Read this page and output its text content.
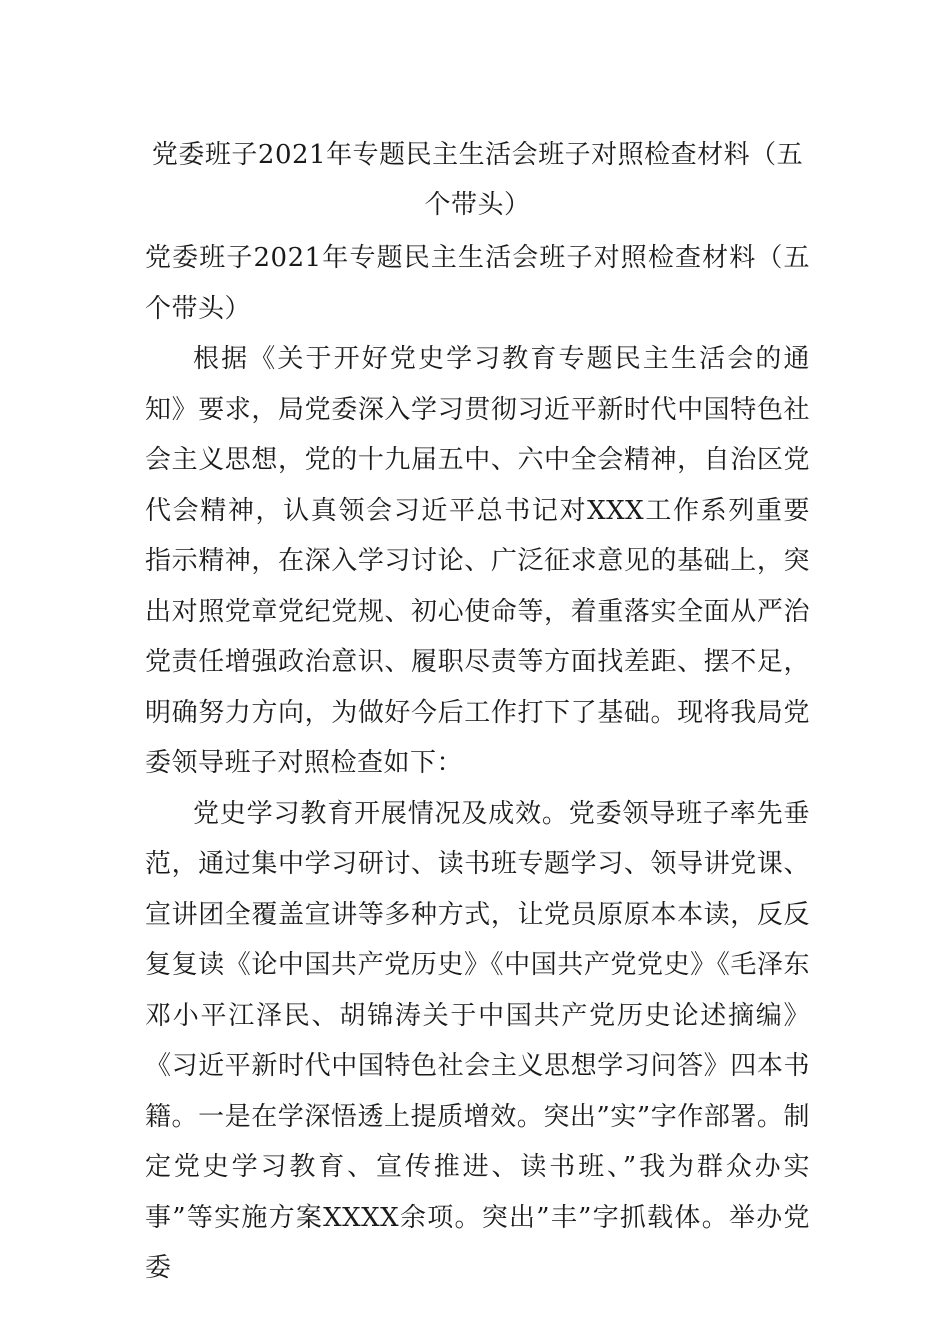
党委班子2021年专题民主生活会班子对照检查材料（五个带头）

党委班子2021年专题民主生活会班子对照检查材料（五个带头）

根据《关于开好党史学习教育专题民主生活会的通知》要求，局党委深入学习贯彻习近平新时代中国特色社会主义思想，党的十九届五中、六中全会精神，自治区党代会精神，认真领会习近平总书记对XXX工作系列重要指示精神，在深入学习讨论、广泛征求意见的基础上，突出对照党章党纪党规、初心使命等，着重落实全面从严治党责任增强政治意识、履职尽责等方面找差距、摆不足，明确努力方向，为做好今后工作打下了基础。现将我局党委领导班子对照检查如下：

党史学习教育开展情况及成效。党委领导班子率先垂范，通过集中学习研讨、读书班专题学习、领导讲党课、宣讲团全覆盖宣讲等多种方式，让党员原原本本读，反反复复读《论中国共产党历史》《中国共产党党史》《毛泽东邓小平江泽民、胡锦涛关于中国共产党历史论述摘编》《习近平新时代中国特色社会主义思想学习问答》四本书籍。一是在学深悟透上提质增效。突出”实”字作部署。制定党史学习教育、宣传推进、读书班、”我为群众办实事”等实施方案XXXX余项。突出”丰”字抓载体。举办党委
